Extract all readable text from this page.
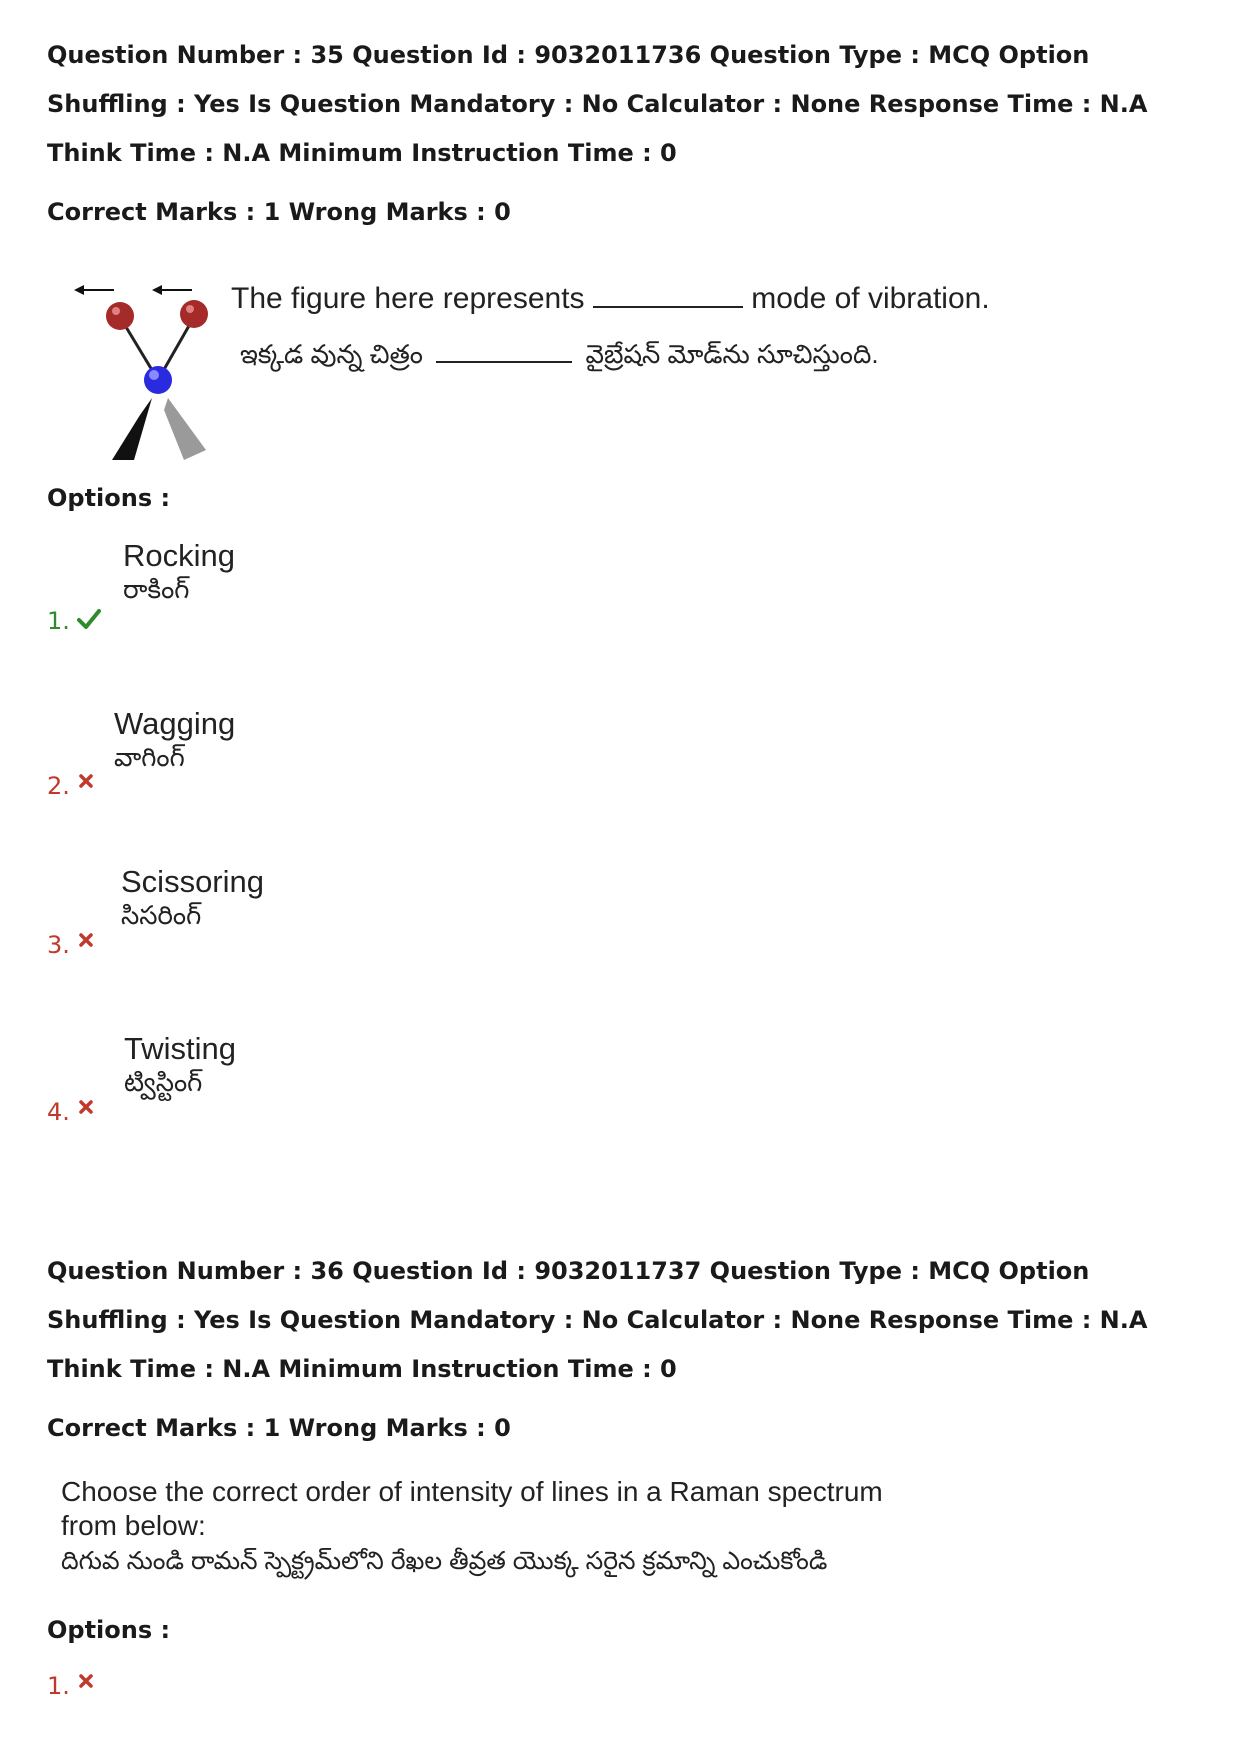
Question Number : 35 Question Id : 9032011736 Question Type : MCQ Option Shuffling : Yes Is Question Mandatory : No Calculator : None Response Time : N.A Think Time : N.A Minimum Instruction Time : 0
Correct Marks : 1 Wrong Marks : 0
The figure here represents	mode of vibration.
ఇక్కడ వున్న చిత్రం	వైబ్రేషన్ మోడ్‌ను సూచిస్తుంది.
Options :
Rocking
రాకింగ్
1.
Wagging
వాగింగ్
2.
Scissoring
సిసరింగ్
3.
Twisting
ట్విస్టింగ్
4.
Question Number : 36 Question Id : 9032011737 Question Type : MCQ Option Shuffling : Yes Is Question Mandatory : No Calculator : None Response Time : N.A Think Time : N.A Minimum Instruction Time : 0
Correct Marks : 1 Wrong Marks : 0
Choose the correct order of intensity of lines in a Raman spectrum from below:
దిగువ నుండి రామన్ స్పెక్ట్రమ్‌లోని రేఖల తీవ్రత యొక్క సరైన క్రమాన్ని ఎంచుకోండి
Options :
1.
